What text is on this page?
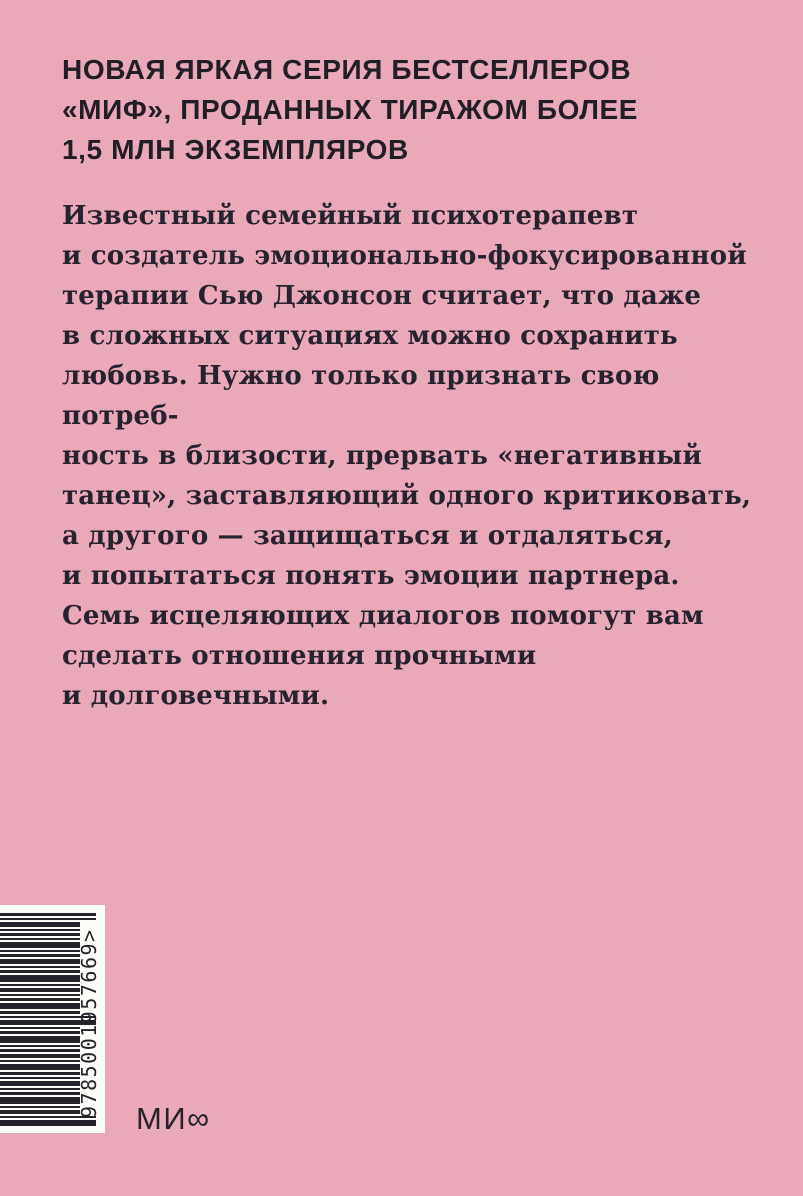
НОВАЯ ЯРКАЯ СЕРИЯ БЕСТСЕЛЛЕРОВ
«МИФ», ПРОДАННЫХ ТИРАЖОМ БОЛЕЕ
1,5 МЛН ЭКЗЕМПЛЯРОВ
Известный семейный психотерапевт
и создатель эмоционально-фокусированной
терапии Сью Джонсон считает, что даже
в сложных ситуациях можно сохранить
любовь. Нужно только признать свою потреб-
ность в близости, прервать «негативный
танец», заставляющий одного критиковать,
а другого — защищаться и отдаляться,
и попытаться понять эмоции партнера.
Семь исцеляющих диалогов помогут вам
сделать отношения прочными
и долговечными.
9785001957669>
МИ∞
